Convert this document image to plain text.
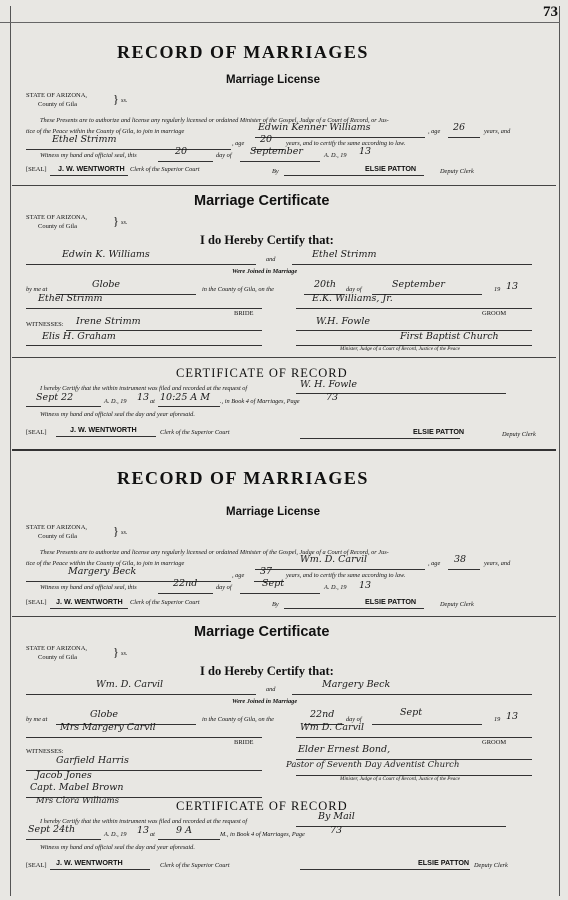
73
RECORD OF MARRIAGES
Marriage License
STATE OF ARIZONA,
County of Gila	} ss.
These Presents are to authorize and license any regularly licensed or ordained Minister of the Gospel, Judge of a Court of Record, or Jus-
tice of the Peace within the County of Gila, to join in marriage	Edwin Kenner Williams	, age 26	years, and
Ethel Strimm	, age 20 years, and to certify the same according to law.
Witness my hand and official seal, this	20	day of September	A. D., 19 13
[SEAL] J. W. WENTWORTH Clerk of the Superior Court	By	ELSIE PATTON	Deputy Clerk
Marriage Certificate
STATE OF ARIZONA,
County of Gila	} ss.
I do Hereby Certify that:
Edwin K. Williams	and	Ethel Strimm
Were Joined in Marriage
by me at	Globe	in the County of Gila, on the	20th day of	September	19 13
Ethel Strimm
BRIDE
E.K. Williams, Jr.
GROOM
WITNESSES: Irene Strimm	W.H. Fowle
Elis H. Graham	First Baptist Church
Minister, Judge of a Court of Record, Justice of the Peace
CERTIFICATE OF RECORD
I hereby Certify that the within instrument was filed and recorded at the request of	W. H. Fowle
Sept 22	A. D., 19 13 at 10:25 A M ., in Book 4 of Marriages, Page	73
Witness my hand and official seal the day and year aforesaid.
[SEAL]	J. W. WENTWORTH	Clerk of the Superior Court	ELSIE PATTON	Deputy Clerk
RECORD OF MARRIAGES
Marriage License
STATE OF ARIZONA,
County of Gila	} ss.
These Presents are to authorize and license any regularly licensed or ordained Minister of the Gospel, Judge of a Court of Record, or Jus-
tice of the Peace within the County of Gila, to join in marriage	Wm. D. Carvil	, age 38	years, and
Margery Beck	, age 37 years, and to certify the same according to law.
Witness my hand and official seal, this	22nd	day of	Sept	A. D., 19 13
[SEAL] J. W. WENTWORTH Clerk of the Superior Court	By	ELSIE PATTON	Deputy Clerk
Marriage Certificate
STATE OF ARIZONA,
County of Gila	} ss.
I do Hereby Certify that:
Wm. D. Carvil	and	Margery Beck
Were Joined in Marriage
by me at	Globe	in the County of Gila, on the	22nd day of
Sept
19 13
Mrs Margery Carvil
BRIDE
Wm D. Carvil
GROOM
WITNESSES:
Garfield Harris
Elder Ernest Bond,
Jacob Jones
Pastor of Seventh Day Adventist Church
Minister, Judge of a Court of Record, Justice of the Peace
Capt. Mabel Brown
Mrs Clora Williams	CERTIFICATE OF RECORD
I hereby Certify that the within instrument was filed and recorded at the request of	By Mail
Sept 24th	A. D., 19 13 at 9 A	M., in Book 4 of Marriages, Page	73
Witness my hand and official seal the day and year aforesaid.
[SEAL] J. W. WENTWORTH	Clerk of the Superior Court	ELSIE PATTON Deputy Clerk
